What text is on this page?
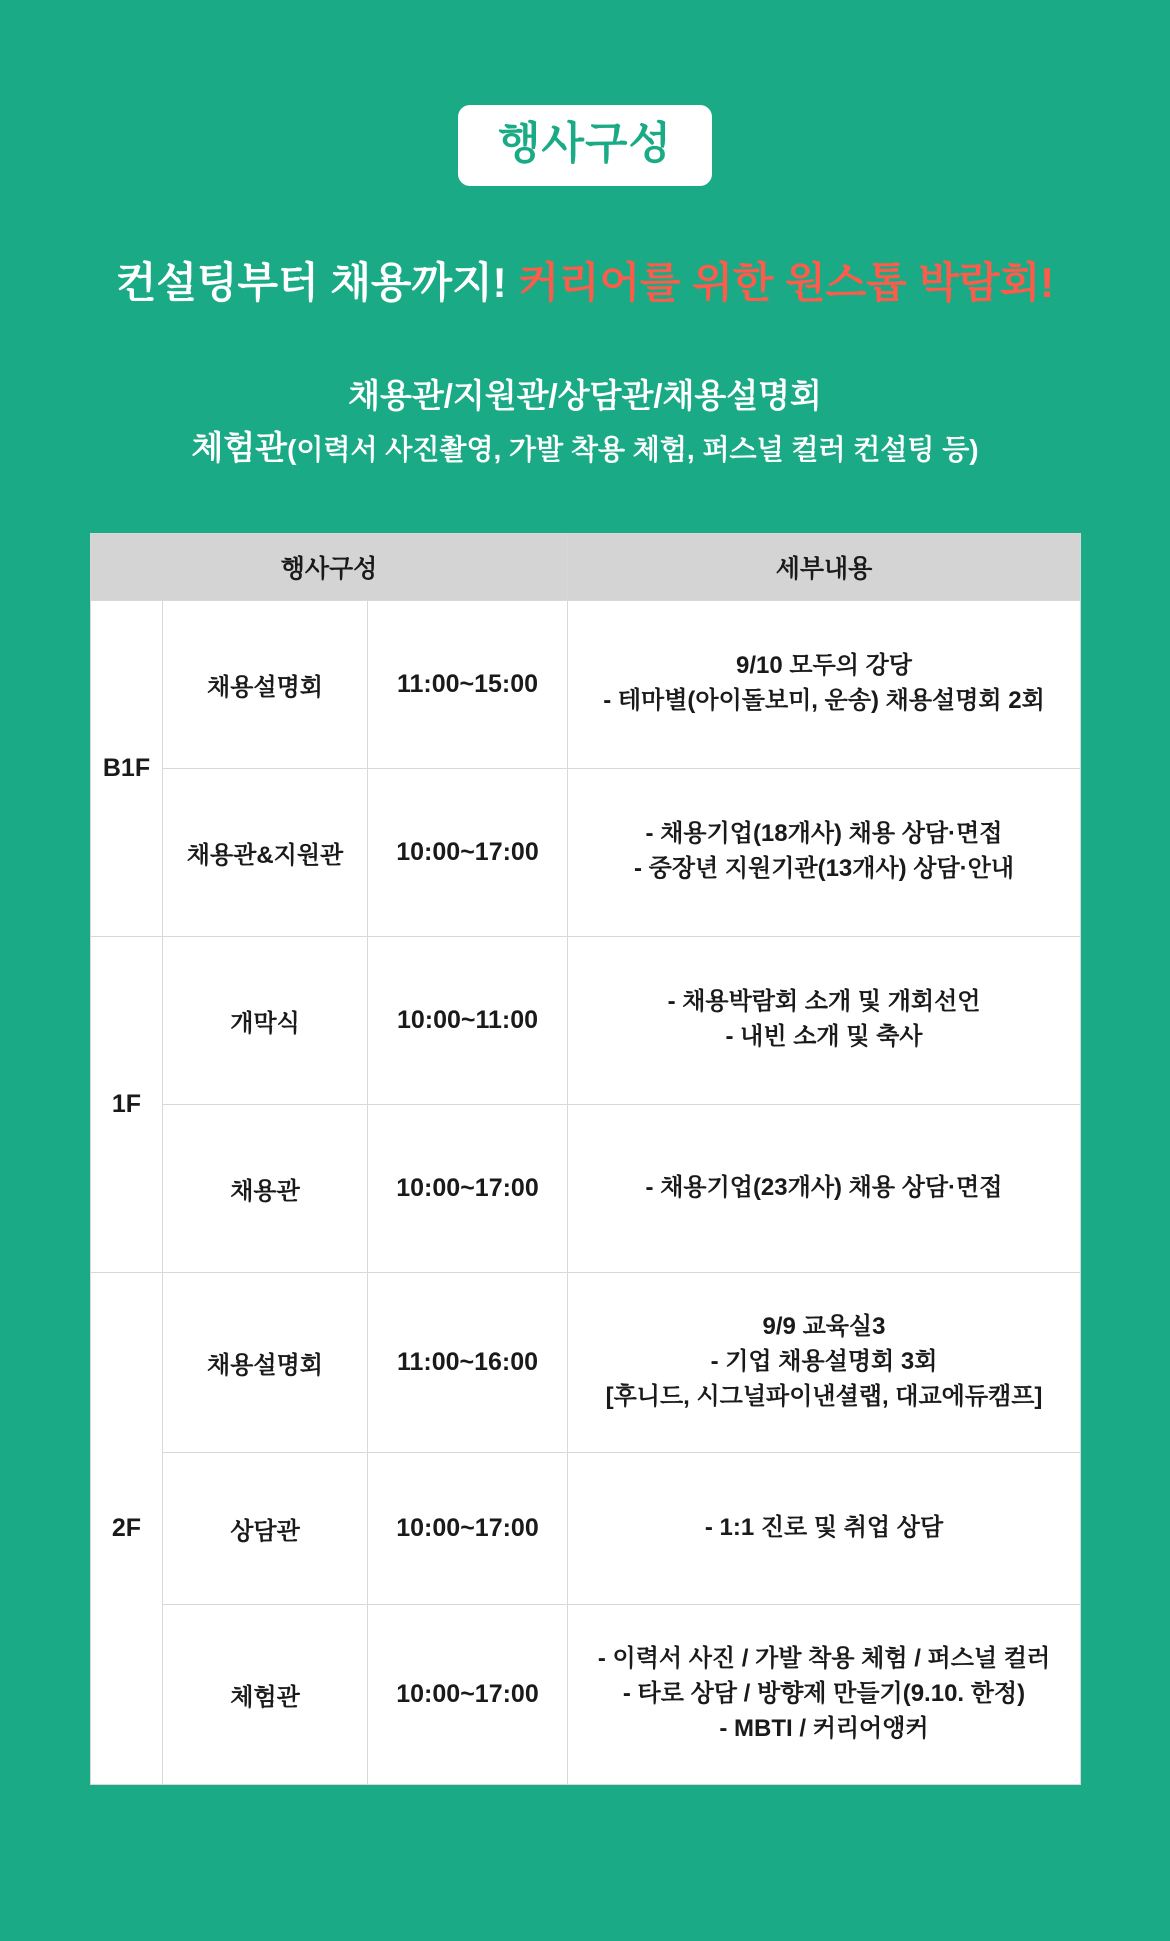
행사구성
컨설팅부터 채용까지! 커리어를 위한 원스톱 박람회!
채용관/지원관/상담관/채용설명회
체험관(이력서 사진촬영, 가발 착용 체험, 퍼스널 컬러 컨설팅 등)
행사구성			세부내용
B1F	채용설명회	11:00~15:00	9/10 모두의 강당
- 테마별(아이돌보미, 운송) 채용설명회 2회

	채용관&지원관	10:00~17:00	- 채용기업(18개사) 채용 상담·면접
- 중장년 지원기관(13개사) 상담·안내

1F	개막식	10:00~11:00	- 채용박람회 소개 및 개회선언
- 내빈 소개 및 축사

	채용관	10:00~17:00	- 채용기업(23개사) 채용 상담·면접

2F	채용설명회	11:00~16:00	9/9 교육실3
- 기업 채용설명회 3회
[후니드, 시그널파이낸셜랩, 대교에듀캠프]

	상담관	10:00~17:00	- 1:1 진로 및 취업 상담

	체험관	10:00~17:00	- 이력서 사진 / 가발 착용 체험 / 퍼스널 컬러
- 타로 상담 / 방향제 만들기(9.10. 한정)
- MBTI / 커리어앵커
